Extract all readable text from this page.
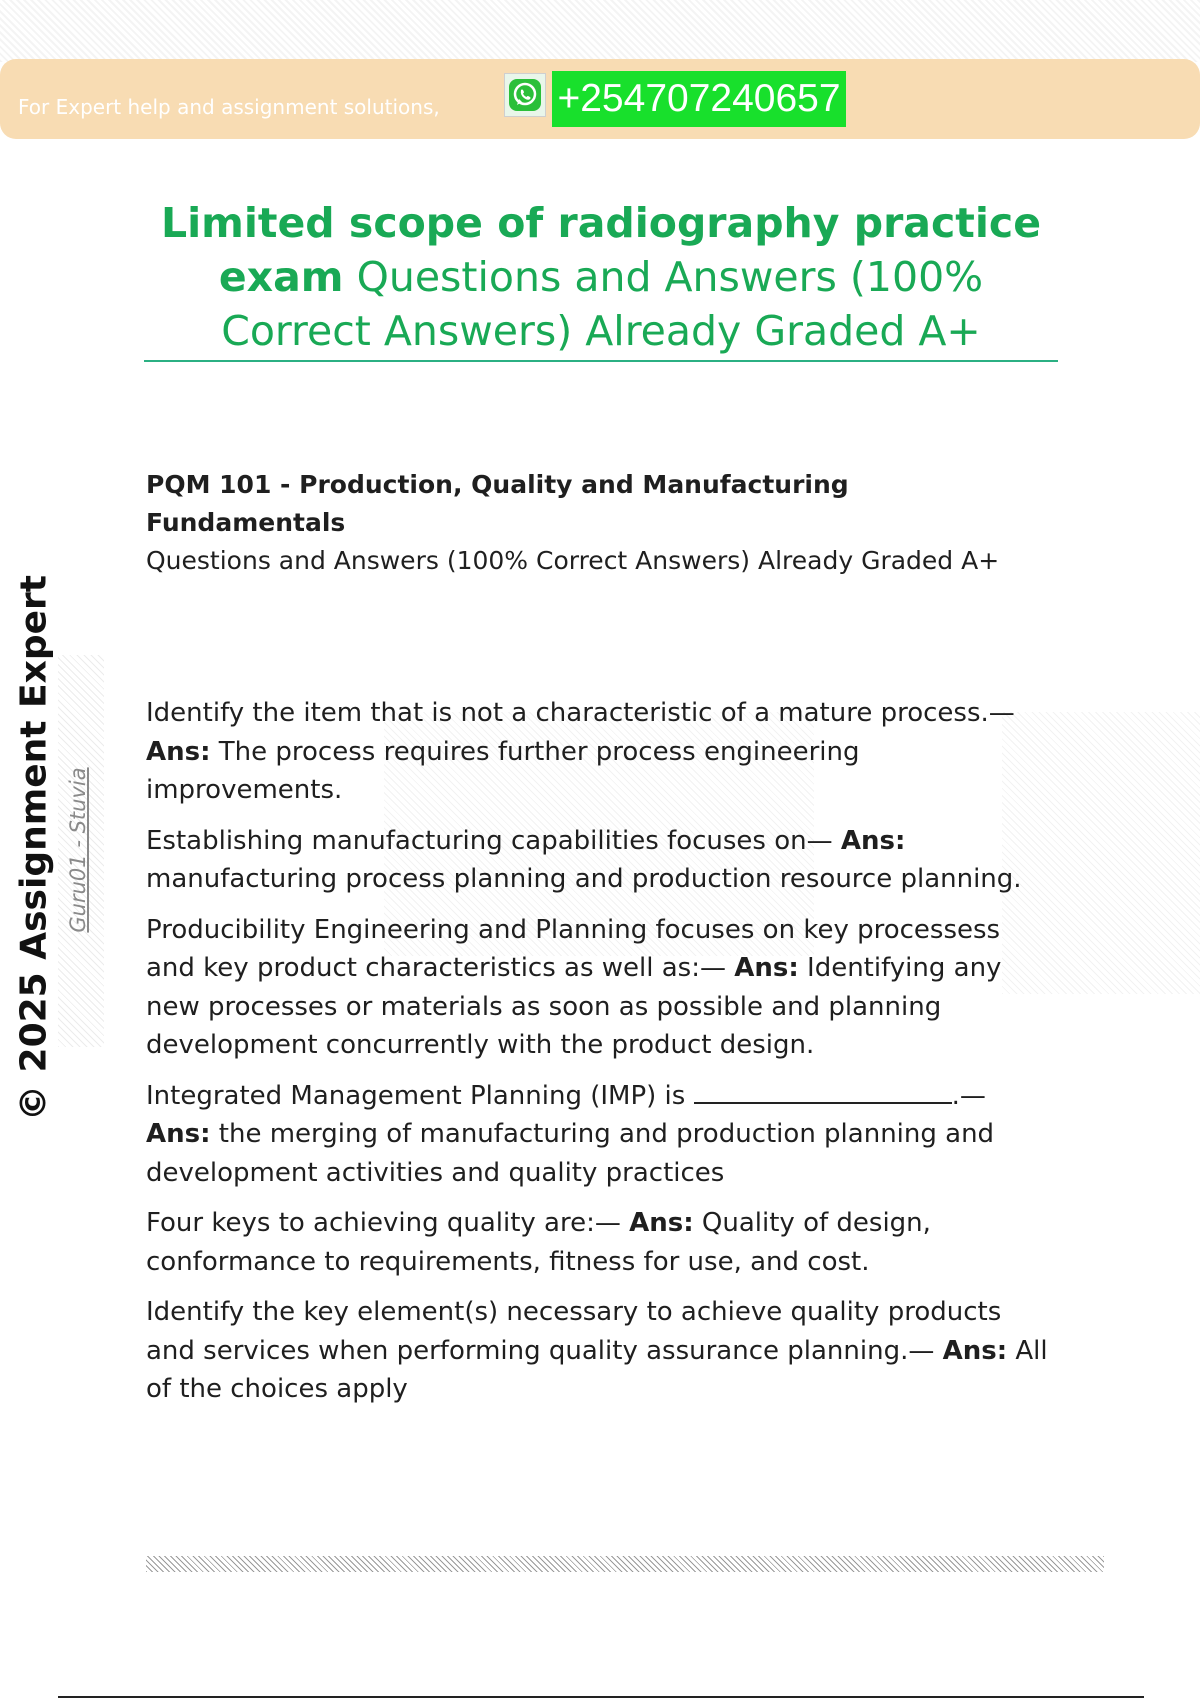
For Expert help and assignment solutions,	+254707240657
Limited scope of radiography practice exam Questions and Answers (100% Correct Answers) Already Graded A+
PQM 101 - Production, Quality and Manufacturing Fundamentals
Questions and Answers (100% Correct Answers) Already Graded A+
© 2025 Assignment Expert Guru01 - Stuvia

Identify the item that is not a characteristic of a mature process.— Ans: The process requires further process engineering improvements.

Establishing manufacturing capabilities focuses on— Ans: manufacturing process planning and production resource planning.

Producibility Engineering and Planning focuses on key processess and key product characteristics as well as:— Ans: Identifying any new processes or materials as soon as possible and planning development concurrently with the product design.

Integrated Management Planning (IMP) is	.— Ans: the merging of manufacturing and production planning and development activities and quality practices

Four keys to achieving quality are:— Ans: Quality of design, conformance to requirements, fitness for use, and cost.

Identify the key element(s) necessary to achieve quality products and services when performing quality assurance planning.— Ans: All of the choices apply
